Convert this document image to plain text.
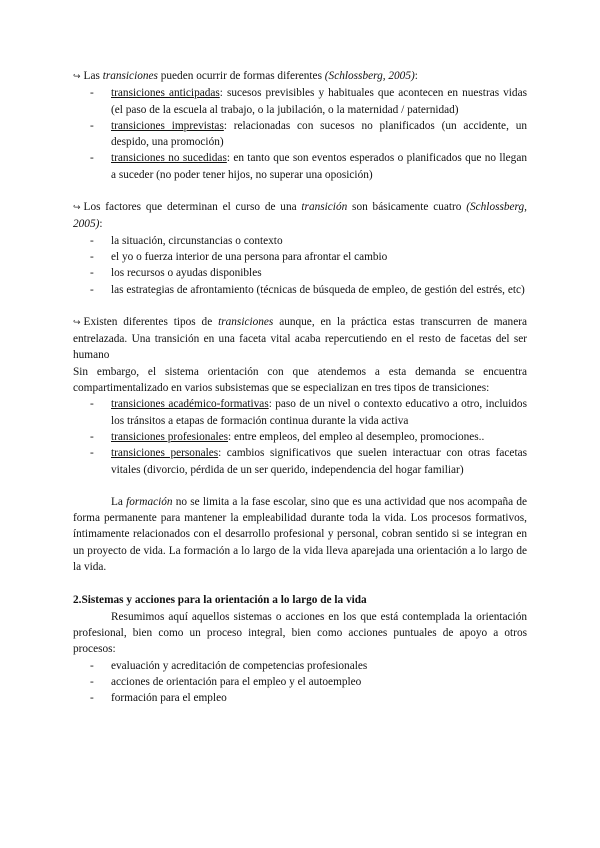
↪ Las transiciones pueden ocurrir de formas diferentes (Schlossberg, 2005):

- transiciones anticipadas: sucesos previsibles y habituales que acontecen en nuestras vidas (el paso de la escuela al trabajo, o la jubilación, o la maternidad / paternidad)
- transiciones imprevistas: relacionadas con sucesos no planificados (un accidente, un despido, una promoción)
- transiciones no sucedidas: en tanto que son eventos esperados o planificados que no llegan a suceder (no poder tener hijos, no superar una oposición)

↪ Los factores que determinan el curso de una transición son básicamente cuatro (Schlossberg, 2005):

- la situación, circunstancias o contexto
- el yo o fuerza interior de una persona para afrontar el cambio
- los recursos o ayudas disponibles
- las estrategias de afrontamiento (técnicas de búsqueda de empleo, de gestión del estrés, etc)

↪ Existen diferentes tipos de transiciones aunque, en la práctica estas transcurren de manera entrelazada. Una transición en una faceta vital acaba repercutiendo en el resto de facetas del ser humano

Sin embargo, el sistema orientación con que atendemos a esta demanda se encuentra compartimentalizado en varios subsistemas que se especializan en tres tipos de transiciones:

- transiciones académico-formativas: paso de un nivel o contexto educativo a otro, incluidos los tránsitos a etapas de formación continua durante la vida activa
- transiciones profesionales: entre empleos, del empleo al desempleo, promociones..
- transiciones personales: cambios significativos que suelen interactuar con otras facetas vitales (divorcio, pérdida de un ser querido, independencia del hogar familiar)

La formación no se limita a la fase escolar, sino que es una actividad que nos acompaña de forma permanente para mantener la empleabilidad durante toda la vida. Los procesos formativos, íntimamente relacionados con el desarrollo profesional y personal, cobran sentido si se integran en un proyecto de vida. La formación a lo largo de la vida lleva aparejada una orientación a lo largo de la vida.

2.Sistemas y acciones para la orientación a lo largo de la vida

Resumimos aquí aquellos sistemas o acciones en los que está contemplada la orientación profesional, bien como un proceso integral, bien como acciones puntuales de apoyo a otros procesos:

- evaluación y acreditación de competencias profesionales
- acciones de orientación para el empleo y el autoempleo
- formación para el empleo
